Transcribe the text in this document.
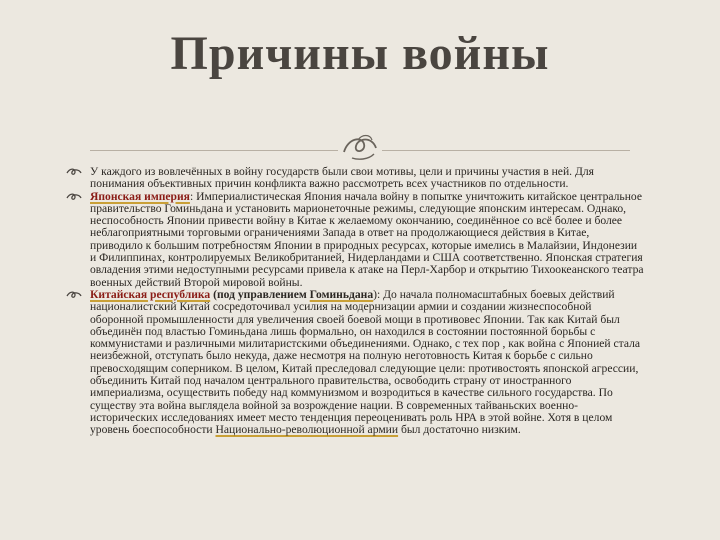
Причины войны
У каждого из вовлечённых в войну государств были свои мотивы, цели и причины участия в ней. Для понимания объективных причин конфликта важно рассмотреть всех участников по отдельности.
Японская империя: Империалистическая Япония начала войну в попытке уничтожить китайское центральное правительство Гоминьдана и установить марионеточные режимы, следующие японским интересам. Однако, неспособность Японии привести войну в Китае к желаемому окончанию, соединённое со всё более и более неблагоприятными торговыми ограничениями Запада в ответ на продолжающиеся действия в Китае, приводило к большим потребностям Японии в природных ресурсах, которые имелись в Малайзии, Индонезии и Филиппинах, контролируемых Великобританией, Нидерландами и США соответственно. Японская стратегия овладения этими недоступными ресурсами привела к атаке на Перл-Харбор и открытию Тихоокеанского театра военных действий Второй мировой войны.
Китайская республика (под управлением Гоминьдана): До начала полномасштабных боевых действий националистский Китай сосредоточивал усилия на модернизации армии и создании жизнеспособной оборонной промышленности для увеличения своей боевой мощи в противовес Японии. Так как Китай был объединён под властью Гоминьдана лишь формально, он находился в состоянии постоянной борьбы с коммунистами и различными милитаристскими объединениями. Однако, с тех пор , как война с Японией стала неизбежной, отступать было некуда, даже несмотря на полную неготовность Китая к борьбе с сильно превосходящим соперником. В целом, Китай преследовал следующие цели: противостоять японской агрессии, объединить Китай под началом центрального правительства, освободить страну от иностранного империализма, осуществить победу над коммунизмом и возродиться в качестве сильного государства. По существу эта война выглядела войной за возрождение нации. В современных тайваньских военно-исторических исследованиях имеет место тенденция переоценивать роль НРА в этой войне. Хотя в целом уровень боеспособности Национально-революционной армии был достаточно низким.
